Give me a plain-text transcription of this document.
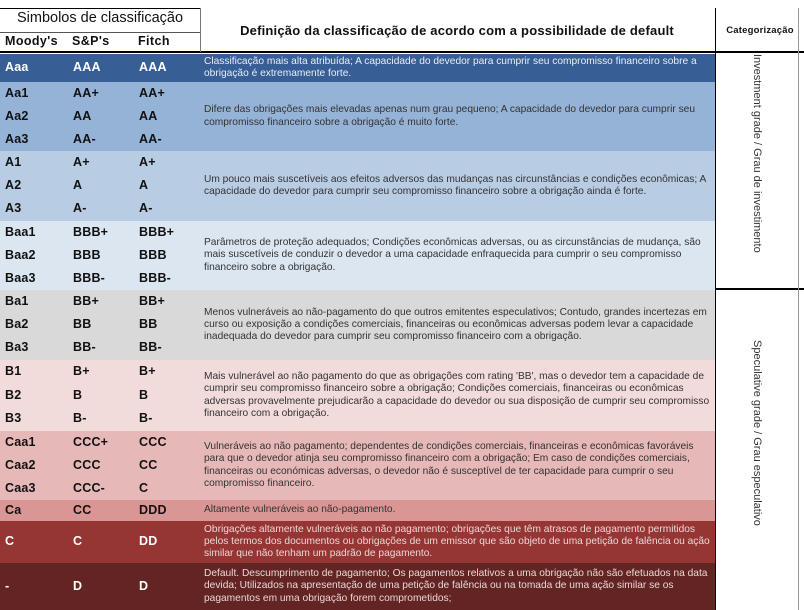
Simbolos de classificação
Moody's S&P's Fitch
Definição da classificação de acordo com a possibilidade de default	Categorização
Aaa	AAA	AAA	Classificação mais alta atribuída; A capacidade do devedor para cumprir seu compromisso financeiro sobre a obrigação é extremamente forte.
Aa1	AA+	AA+
Aa2	AA	AA
Aa3	AA-	AA-
Difere das obrigações mais elevadas apenas num grau pequeno; A capacidade do devedor para cumprir seu compromisso financeiro sobre a obrigação é muito forte.
A1	A+	A+
A2	A	A
A3	A-	A-
Um pouco mais suscetíveis aos efeitos adversos das mudanças nas circunstâncias e condições econômicas; A capacidade do devedor para cumprir seu compromisso financeiro sobre a obrigação ainda é forte.
Baa1	BBB+ BBB+
Baa2	BBB	BBB
Baa3	BBB-	BBB-
Parâmetros de proteção adequados; Condições econômicas adversas, ou as circunstâncias de mudança, são mais suscetíveis de conduzir o devedor a uma capacidade enfraquecida para cumprir o seu compromisso financeiro sobre a obrigação.
Ba1	BB+	BB+
Ba2	BB	BB
Ba3	BB-	BB-
Menos vulneráveis ao não-pagamento do que outros emitentes especulativos; Contudo, grandes incertezas em curso ou exposição a condições comerciais, financeiras ou econômicas adversas podem levar a capacidade inadequada do devedor para cumprir seu compromisso financeiro com a obrigação.
B1	B+	B+
B2	B	B
B3	B-	B-
Mais vulnerável ao não pagamento do que as obrigações com rating 'BB', mas o devedor tem a capacidade de cumprir seu compromisso financeiro sobre a obrigação; Condições comerciais, financeiras ou econômicas adversas provavelmente prejudicarão a capacidade do devedor ou sua disposição de cumprir seu compromisso financeiro com a obrigação.
Caa1	CCC+ CCC
Caa2	CCC	CC
Caa3	CCC-	C
Vulneráveis ao não pagamento; dependentes de condições comerciais, financeiras e econômicas favoráveis para que o devedor atinja seu compromisso financeiro com a obrigação; Em caso de condições comerciais, financeiras ou económicas adversas, o devedor não é susceptível de ter capacidade para cumprir o seu compromisso financeiro.
Ca	CC	DDD	Altamente vulneráveis ao não-pagamento.
C	C	DD
Obrigações altamente vulneráveis ao não pagamento; obrigações que têm atrasos de pagamento permitidos pelos termos dos documentos ou obrigações de um emissor que são objeto de uma petição de falência ou ação similar que não tenham um padrão de pagamento.
-	D	D
Default. Descumprimento de pagamento; Os pagamentos relativos a uma obrigação não são efetuados na data devida; Utilizados na apresentação de uma petição de falência ou na tomada de uma ação similar se os pagamentos em uma obrigação forem comprometidos;
Investment grade / Grau de investimento
Speculative grade / Grau especulativo
